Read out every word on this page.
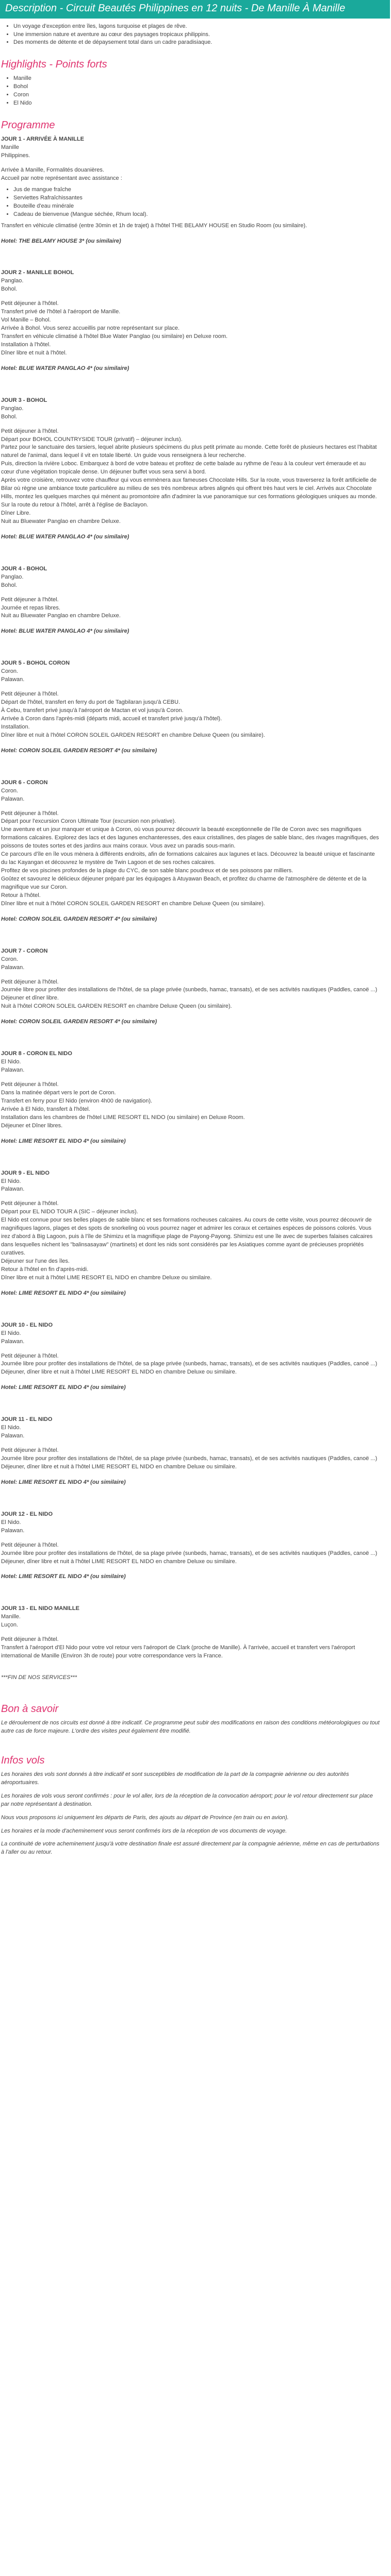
Description - Circuit Beautés Philippines en 12 nuits - De Manille À Manille
• Un voyage d'exception entre îles, lagons turquoise et plages de rêve.
• Une immersion nature et aventure au cœur des paysages tropicaux philippins.
• Des moments de détente et de dépaysement total dans un cadre paradisiaque.
Highlights - Points forts
• Manille
• Bohol
• Coron
• El Nido
Programme
JOUR 1 - ARRIVÉE À MANILLE
Manille
Philippines.
Arrivée à Manille, Formalités douanières.
Accueil par notre représentant avec assistance :
• Jus de mangue fraîche
• Serviettes Rafraîchissantes
• Bouteille d'eau minérale
• Cadeau de bienvenue (Mangue séchée, Rhum local).
Transfert en véhicule climatisé (entre 30min et 1h de trajet) à l'hôtel THE BELAMY HOUSE en Studio Room (ou similaire).
Hotel: THE BELAMY HOUSE 3* (ou similaire)
JOUR 2 - MANILLE BOHOL
Panglao.
Bohol.
Petit déjeuner à l'hôtel.
Transfert privé de l'hôtel à l'aéroport de Manille.
Vol Manille – Bohol.
Arrivée à Bohol. Vous serez accueillis par notre représentant sur place.
Transfert en véhicule climatisé à l'hôtel Blue Water Panglao (ou similaire) en Deluxe room.
Installation à l'hôtel.
Dîner libre et nuit à l'hôtel.
Hotel: BLUE WATER PANGLAO 4* (ou similaire)
JOUR 3 - BOHOL
Panglao.
Bohol.
Petit déjeuner à l'hôtel.
Départ pour BOHOL COUNTRYSIDE TOUR (privatif) – déjeuner inclus).
Partez pour le sanctuaire des tarsiers, lequel abrite plusieurs spécimens du plus petit primate au monde. Cette forêt de plusieurs hectares est l'habitat naturel de l'animal, dans lequel il vit en totale liberté. Un guide vous renseignera à leur recherche.
Puis, direction la rivière Loboc. Embarquez à bord de votre bateau et profitez de cette balade au rythme de l'eau à la couleur vert émeraude et au cœur d'une végétation tropicale dense. Un déjeuner buffet vous sera servi à bord.
Après votre croisière, retrouvez votre chauffeur qui vous emmènera aux fameuses Chocolate Hills. Sur la route, vous traverserez la forêt artificielle de Bilar où règne une ambiance toute particulière au milieu de ses très nombreux arbres alignés qui offrent très haut vers le ciel. Arrivés aux Chocolate Hills, montez les quelques marches qui mènent au promontoire afin d'admirer la vue panoramique sur ces formations géologiques uniques au monde.
Sur la route du retour à l'hôtel, arrêt à l'église de Baclayon.
Dîner Libre.
Nuit au Bluewater Panglao en chambre Deluxe.
Hotel: BLUE WATER PANGLAO 4* (ou similaire)
JOUR 4 - BOHOL
Panglao.
Bohol.
Petit déjeuner à l'hôtel.
Journée et repas libres.
Nuit au Bluewater Panglao en chambre Deluxe.
Hotel: BLUE WATER PANGLAO 4* (ou similaire)
JOUR 5 - BOHOL CORON
Coron.
Palawan.
Petit déjeuner à l'hôtel.
Départ de l'hôtel, transfert en ferry du port de Tagbilaran jusqu'à CEBU.
À Cebu, transfert privé jusqu'à l'aéroport de Mactan et vol jusqu'à Coron.
Arrivée à Coron dans l'après-midi (départs midi, accueil et transfert privé jusqu'à l'hôtel).
Installation.
Dîner libre et nuit à l'hôtel CORON SOLEIL GARDEN RESORT en chambre Deluxe Queen (ou similaire).
Hotel: CORON SOLEIL GARDEN RESORT 4* (ou similaire)
JOUR 6 - CORON
Coron.
Palawan.
Petit déjeuner à l'hôtel.
Départ pour l'excursion Coron Ultimate Tour (excursion non privative).
Une aventure et un jour manquer et unique à Coron, où vous pourrez découvrir la beauté exceptionnelle de l'île de Coron avec ses magnifiques formations calcaires. Explorez des lacs et des lagunes enchanteresses, des eaux cristallines, des plages de sable blanc, des rivages magnifiques, des poissons de toutes sortes et des jardins aux mains coraux. Vous avez un paradis sous-marin.
Ce parcours d'île en île vous mènera à différents endroits, afin de formations calcaires aux lagunes et lacs. Découvrez la beauté unique et fascinante du lac Kayangan et découvrez le mystère de Twin Lagoon et de ses roches calcaires.
Profitez de vos piscines profondes de la plage du CYC, de son sable blanc poudreux et de ses poissons par milliers.
Goûtez et savourez le délicieux déjeuner préparé par les équipages à Atuyawan Beach, et profitez du charme de l'atmosphère de détente et de la magnifique vue sur Coron.
Retour à l'hôtel.
Dîner libre et nuit à l'hôtel CORON SOLEIL GARDEN RESORT en chambre Deluxe Queen (ou similaire).
Hotel: CORON SOLEIL GARDEN RESORT 4* (ou similaire)
JOUR 7 - CORON
Coron.
Palawan.
Petit déjeuner à l'hôtel.
Journée libre pour profiter des installations de l'hôtel, de sa plage privée (sunbeds, hamac, transats), et de ses activités nautiques (Paddles, canoë ...)
Déjeuner et dîner libre.
Nuit à l'hôtel CORON SOLEIL GARDEN RESORT en chambre Deluxe Queen (ou similaire).
Hotel: CORON SOLEIL GARDEN RESORT 4* (ou similaire)
JOUR 8 - CORON EL NIDO
El Nido.
Palawan.
Petit déjeuner à l'hôtel.
Dans la matinée départ vers le port de Coron.
Transfert en ferry pour El Nido (environ 4h00 de navigation).
Arrivée à El Nido, transfert à l'hôtel.
Installation dans les chambres de l'hôtel LIME RESORT EL NIDO (ou similaire) en Deluxe Room.
Déjeuner et Dîner libres.
Hotel: LIME RESORT EL NIDO 4* (ou similaire)
JOUR 9 - EL NIDO
El Nido.
Palawan.
Petit déjeuner à l'hôtel.
Départ pour EL NIDO TOUR A (SIC – déjeuner inclus).
El Nido est connue pour ses belles plages de sable blanc et ses formations rocheuses calcaires. Au cours de cette visite, vous pourrez découvrir de magnifiques lagons, plages et des spots de snorkeling où vous pourrez nager et admirer les coraux et certaines espèces de poissons colorés. Vous irez d'abord à Big Lagoon, puis à l'île de Shimizu et la magnifique plage de Payong-Payong. Shimizu est une île avec de superbes falaises calcaires dans lesquelles nichent les "balinsasayaw" (martinets) et dont les nids sont considérés par les Asiatiques comme ayant de précieuses propriétés curatives.
Déjeuner sur l'une des îles.
Retour à l'hôtel en fin d'après-midi.
Dîner libre et nuit à l'hôtel LIME RESORT EL NIDO en chambre Deluxe ou similaire.
Hotel: LIME RESORT EL NIDO 4* (ou similaire)
JOUR 10 - EL NIDO
El Nido.
Palawan.
Petit déjeuner à l'hôtel.
Journée libre pour profiter des installations de l'hôtel, de sa plage privée (sunbeds, hamac, transats), et de ses activités nautiques (Paddles, canoë ...)
Déjeuner, dîner libre et nuit à l'hôtel LIME RESORT EL NIDO en chambre Deluxe ou similaire.
Hotel: LIME RESORT EL NIDO 4* (ou similaire)
JOUR 11 - EL NIDO
El Nido.
Palawan.
Petit déjeuner à l'hôtel.
Journée libre pour profiter des installations de l'hôtel, de sa plage privée (sunbeds, hamac, transats), et de ses activités nautiques (Paddles, canoë ...)
Déjeuner, dîner libre et nuit à l'hôtel LIME RESORT EL NIDO en chambre Deluxe ou similaire.
Hotel: LIME RESORT EL NIDO 4* (ou similaire)
JOUR 12 - EL NIDO
El Nido.
Palawan.
Petit déjeuner à l'hôtel.
Journée libre pour profiter des installations de l'hôtel, de sa plage privée (sunbeds, hamac, transats), et de ses activités nautiques (Paddles, canoë ...)
Déjeuner, dîner libre et nuit à l'hôtel LIME RESORT EL NIDO en chambre Deluxe ou similaire.
Hotel: LIME RESORT EL NIDO 4* (ou similaire)
JOUR 13 - EL NIDO MANILLE
Manille.
Luçon.
Petit déjeuner à l'hôtel.
Transfert à l'aéroport d'El Nido pour votre vol retour vers l'aéroport de Clark (proche de Manille). À l'arrivée, accueil et transfert vers l'aéroport international de Manille (Environ 3h de route) pour votre correspondance vers la France.
***FIN DE NOS SERVICES***
Bon à savoir

Le déroulement de nos circuits est donné à titre indicatif. Ce programme peut subir des modifications en raison des conditions météorologiques ou tout autre cas de force majeure. L'ordre des visites peut également être modifié.

Infos vols

Les horaires des vols sont donnés à titre indicatif et sont susceptibles de modification de la part de la compagnie aérienne ou des autorités aéroportuaires.

Les horaires de vols vous seront confirmés : pour le vol aller, lors de la réception de la convocation aéroport; pour le vol retour directement sur place par notre représentant à destination.

Nous vous proposons ici uniquement les départs de Paris, des ajouts au départ de Province (en train ou en avion).

Les horaires et la mode d'acheminement vous seront confirmés lors de la réception de vos documents de voyage.

La continuité de votre acheminement jusqu'à votre destination finale est assuré directement par la compagnie aérienne, même en cas de perturbations à l'aller ou au retour.
